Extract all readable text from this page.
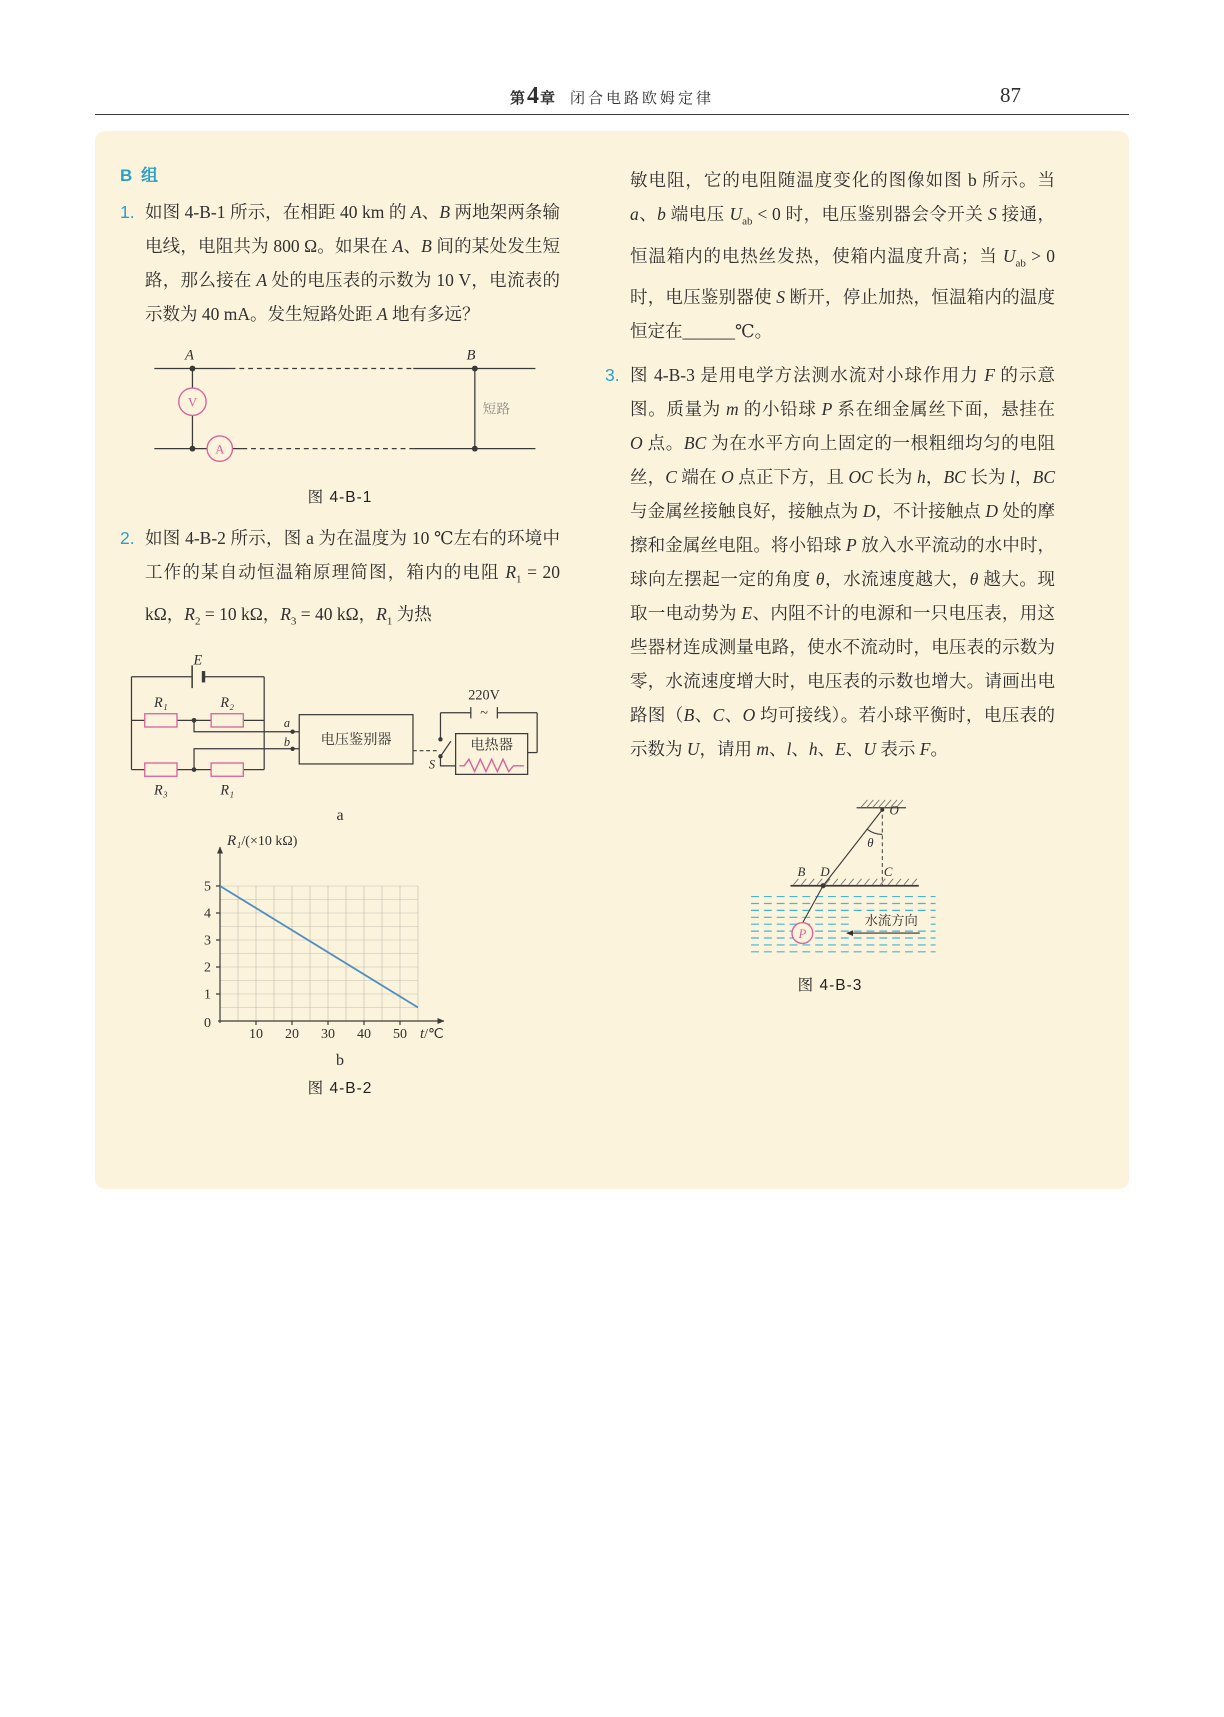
第4章 闭合电路欧姆定律	87
B 组
1. 如图 4-B-1 所示，在相距 40 km 的 A、B 两地架两条输电线，电阻共为 800 Ω。如果在 A、B 间的某处发生短路，那么接在 A 处的电压表的示数为 10 V，电流表的示数为 40 mA。发生短路处距 A 地有多远？
A	B
V
A
短路
图 4-B-1
2. 如图 4-B-2 所示，图 a 为在温度为 10 ℃左右的环境中工作的某自动恒温箱原理简图，箱内的电阻 $R_1 = 20$ kΩ，$R_2 = 10$ kΩ，$R_3 = 40$ kΩ，$R_1$ 为热
E
R₁	R₂
R₃	R₁
a
b 电压鉴别器
220V
~
S
电热器
a
5
4
3
2
1
0
10 20 30 40 50
R₁/(×10 kΩ)
t/℃
b
图 4-B-2
敏电阻，它的电阻随温度变化的图像如图 b 所示。当 a、b 端电压 $U_{ab} < 0$ 时，电压鉴别器会令开关 S 接通，恒温箱内的电热丝发热，使箱内温度升高；当 $U_{ab} > 0$ 时，电压鉴别器使 S 断开，停止加热，恒温箱内的温度恒定在______℃。
3. 图 4-B-3 是用电学方法测水流对小球作用力 F 的示意图。质量为 m 的小铅球 P 系在细金属丝下面，悬挂在 O 点。BC 为在水平方向上固定的一根粗细均匀的电阻丝，C 端在 O 点正下方，且 OC 长为 h，BC 长为 l，BC 与金属丝接触良好，接触点为 D，不计接触点 D 处的摩擦和金属丝电阻。将小铅球 P 放入水平流动的水中时，球向左摆起一定的角度 θ，水流速度越大，θ 越大。现取一电动势为 E、内阻不计的电源和一只电压表，用这些器材连成测量电路，使水不流动时，电压表的示数为零，水流速度增大时，电压表的示数也增大。请画出电路图（B、C、O 均可接线）。若小球平衡时，电压表的示数为 U，请用 m、l、h、E、U 表示 F。
O
θ
B D	C
水流方向
P
图 4-B-3
